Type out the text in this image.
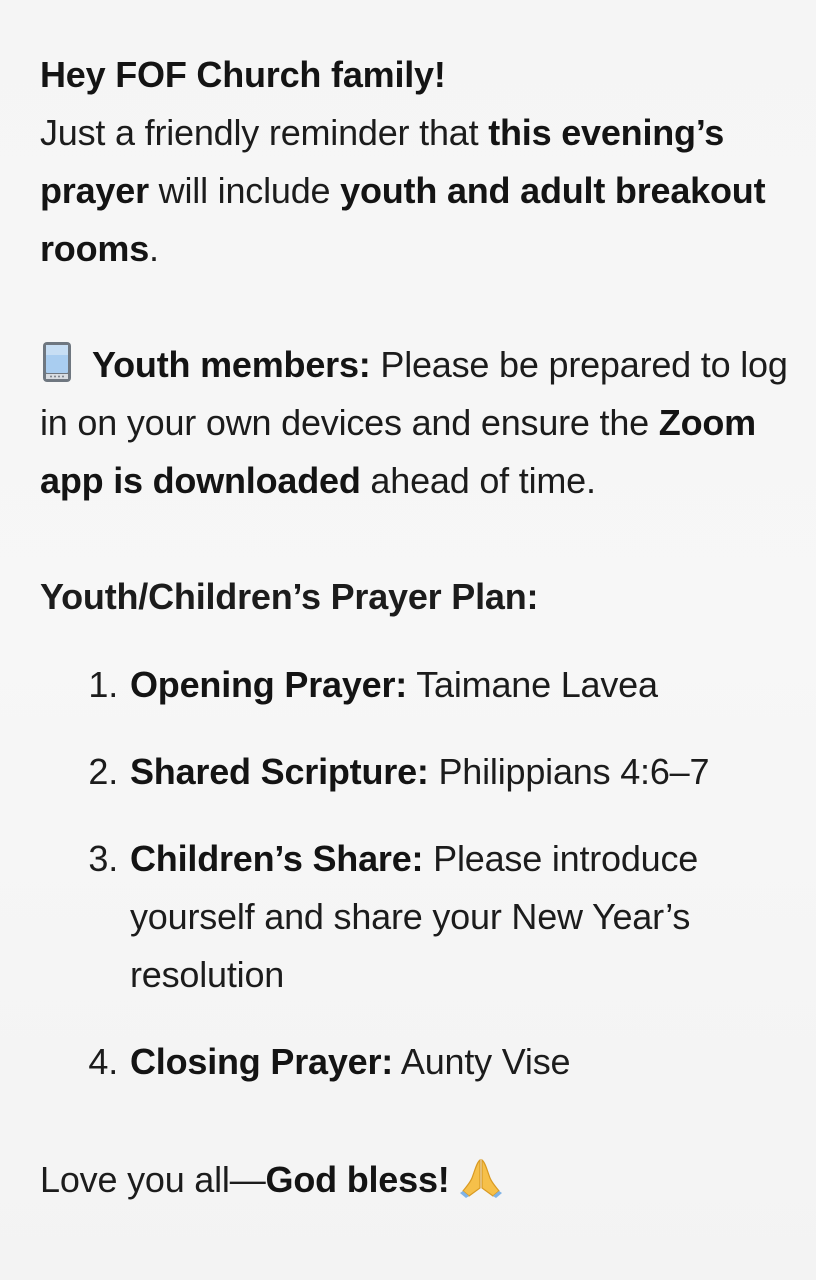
Hey FOF Church family!

Just a friendly reminder that this evening’s prayer will include youth and adult breakout rooms.

Youth members: Please be prepared to log in on your own devices and ensure the Zoom app is downloaded ahead of time.

Youth/Children’s Prayer Plan:

1. Opening Prayer: Taimane Lavea
2. Shared Scripture: Philippians 4:6–7
3. Children’s Share: Please introduce yourself and share your New Year’s resolution
4. Closing Prayer: Aunty Vise

Love you all—God bless!
